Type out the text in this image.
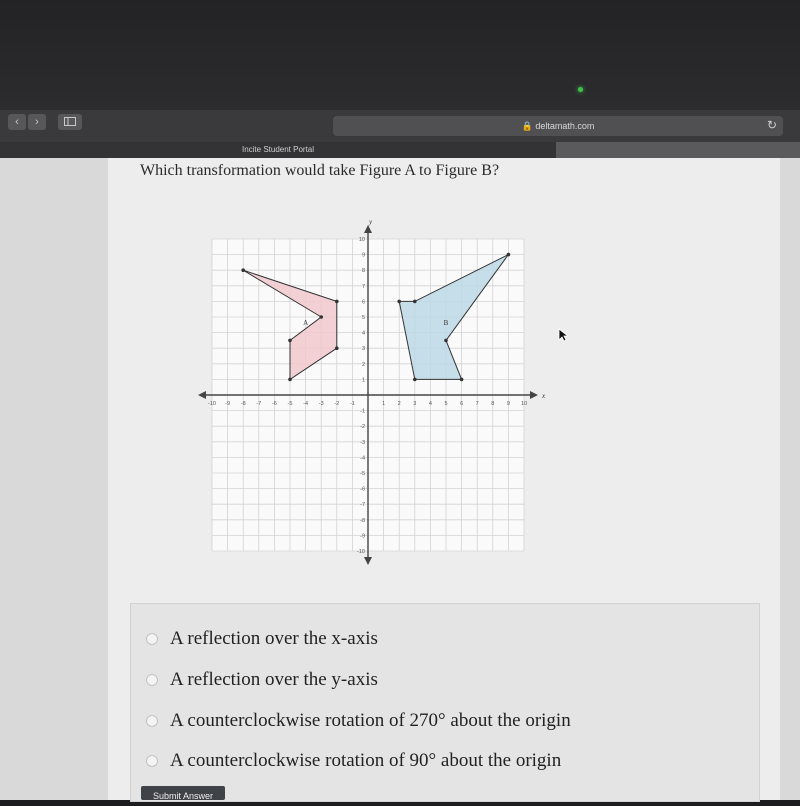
‹	›	🔒 deltamath.com	↻
Incite Student Portal
Which transformation would take Figure A to Figure B?
x
y
-10 -9 -8 -7 -6 -5 -4 -3 -2 -1	1 2 3 4 5 6 7 8 9 10
10
9
8
7
6
5
4
3
2
1
-1
-2
-3
-4
-5
-6
-7
-8
-9
-10
A	B
A reflection over the x-axis
A reflection over the y-axis
A counterclockwise rotation of 270° about the origin
A counterclockwise rotation of 90° about the origin
Submit Answer
